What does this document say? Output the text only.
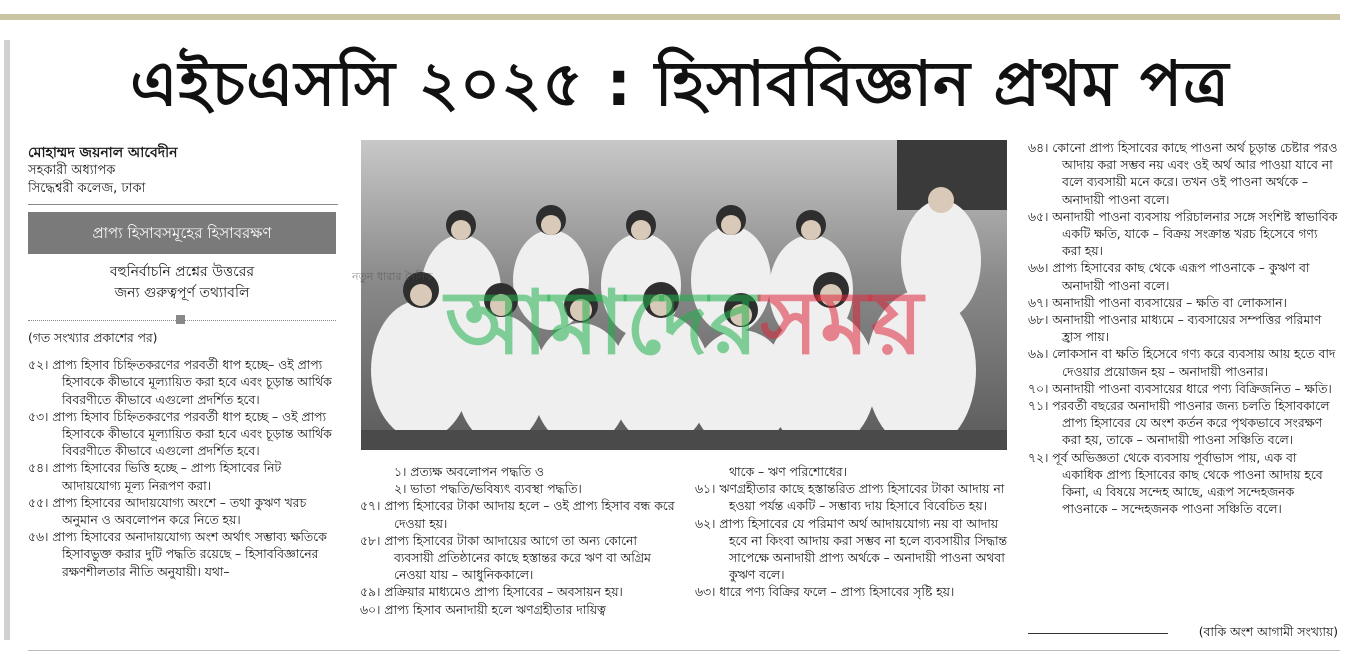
এইচএসসি ২০২৫ : হিসাববিজ্ঞান প্রথম পত্র
মোহাম্মদ জয়নাল আবেদীন
সহকারী অধ্যাপক
সিদ্ধেশ্বরী কলেজ, ঢাকা
প্রাপ্য হিসাবসমূহের হিসাবরক্ষণ
বহুনির্বাচনি প্রশ্নের উত্তরের
জন্য গুরুত্বপূর্ণ তথ্যাবলি

(গত সংখ্যার প্রকাশের পর)

৫২। প্রাপ্য হিসাব চিহ্নিতকরণের পরবর্তী ধাপ হচ্ছে– ওই প্রাপ্য হিসাবকে কীভাবে মূল্যায়িত করা হবে এবং চূড়ান্ত আর্থিক বিবরণীতে কীভাবে এগুলো প্রদর্শিত হবে।

৫৩। প্রাপ্য হিসাব চিহ্নিতকরণের পরবর্তী ধাপ হচ্ছে – ওই প্রাপ্য হিসাবকে কীভাবে মূল্যায়িত করা হবে এবং চূড়ান্ত আর্থিক বিবরণীতে কীভাবে এগুলো প্রদর্শিত হবে।

৫৪। প্রাপ্য হিসাবের ভিত্তি হচ্ছে – প্রাপ্য হিসাবের নিট আদায়যোগ্য মূল্য নিরূপণ করা।

৫৫। প্রাপ্য হিসাবের আদায়যোগ্য অংশে – তথা কুঋণ খরচ অনুমান ও অবলোপন করে নিতে হয়।

৫৬। প্রাপ্য হিসাবের অনাদায়যোগ্য অংশ অর্থাৎ সম্ভাব্য ক্ষতিকে হিসাবভুক্ত করার দুটি পদ্ধতি রয়েছে – হিসাববিজ্ঞানের রক্ষণশীলতার নীতি অনুযায়ী। যথা–

আমাদেরসময়
নতুন ধারার দৈনিক

১। প্রত্যক্ষ অবলোপন পদ্ধতি ও

২। ভাতা পদ্ধতি/ভবিষ্যৎ ব্যবস্থা পদ্ধতি।

৫৭। প্রাপ্য হিসাবের টাকা আদায় হলে – ওই প্রাপ্য হিসাব বন্ধ করে দেওয়া হয়।

৫৮। প্রাপ্য হিসাবের টাকা আদায়ের আগে তা অন্য কোনো ব্যবসায়ী প্রতিষ্ঠানের কাছে হস্তান্তর করে ঋণ বা অগ্রিম নেওয়া যায় – আধুনিককালে।

৫৯। প্রক্রিয়ার মাধ্যমেও প্রাপ্য হিসাবের – অবসায়ন হয়।

৬০। প্রাপ্য হিসাব অনাদায়ী হলে ঋণগ্রহীতার দায়িত্ব

থাকে – ঋণ পরিশোধের।

৬১। ঋণগ্রহীতার কাছে হস্তান্তরিত প্রাপ্য হিসাবের টাকা আদায় না হওয়া পর্যন্ত একটি – সম্ভাব্য দায় হিসাবে বিবেচিত হয়।

৬২। প্রাপ্য হিসাবের যে পরিমাণ অর্থ আদায়যোগ্য নয় বা আদায় হবে না কিংবা আদায় করা সম্ভব না হলে ব্যবসায়ীর সিদ্ধান্ত সাপেক্ষে অনাদায়ী প্রাপ্য অর্থকে – অনাদায়ী পাওনা অথবা কুঋণ বলে।

৬৩। ধারে পণ্য বিক্রির ফলে – প্রাপ্য হিসাবের সৃষ্টি হয়।

৬৪। কোনো প্রাপ্য হিসাবের কাছে পাওনা অর্থ চূড়ান্ত চেষ্টার পরও আদায় করা সম্ভব নয় এবং ওই অর্থ আর পাওয়া যাবে না বলে ব্যবসায়ী মনে করে। তখন ওই পাওনা অর্থকে – অনাদায়ী পাওনা বলে।

৬৫। অনাদায়ী পাওনা ব্যবসায় পরিচালনার সঙ্গে সংশিষ্ট স্বাভাবিক একটি ক্ষতি, যাকে – বিক্রয় সংক্রান্ত খরচ হিসেবে গণ্য করা হয়।

৬৬। প্রাপ্য হিসাবের কাছ থেকে এরূপ পাওনাকে – কুঋণ বা অনাদায়ী পাওনা বলে।

৬৭। অনাদায়ী পাওনা ব্যবসায়ের – ক্ষতি বা লোকসান।

৬৮। অনাদায়ী পাওনার মাধ্যমে – ব্যবসায়ের সম্পত্তির পরিমাণ হ্রাস পায়।

৬৯। লোকসান বা ক্ষতি হিসেবে গণ্য করে ব্যবসায় আয় হতে বাদ দেওয়ার প্রয়োজন হয় – অনাদায়ী পাওনার।

৭০। অনাদায়ী পাওনা ব্যবসায়ের ধারে পণ্য বিক্রিজনিত – ক্ষতি।

৭১। পরবর্তী বছরের অনাদায়ী পাওনার জন্য চলতি হিসাবকালে প্রাপ্য হিসাবের যে অংশ কর্তন করে পৃথকভাবে সংরক্ষণ করা হয়, তাকে – অনাদায়ী পাওনা সঞ্চিতি বলে।

৭২। পূর্ব অভিজ্ঞতা থেকে ব্যবসায় পূর্বাভাস পায়, এক বা একাধিক প্রাপ্য হিসাবের কাছ থেকে পাওনা আদায় হবে কিনা, এ বিষয়ে সন্দেহ আছে, এরূপ সন্দেহজনক পাওনাকে – সন্দেহজনক পাওনা সঞ্চিতি বলে।

(বাকি অংশ আগামী সংখ্যায়)
